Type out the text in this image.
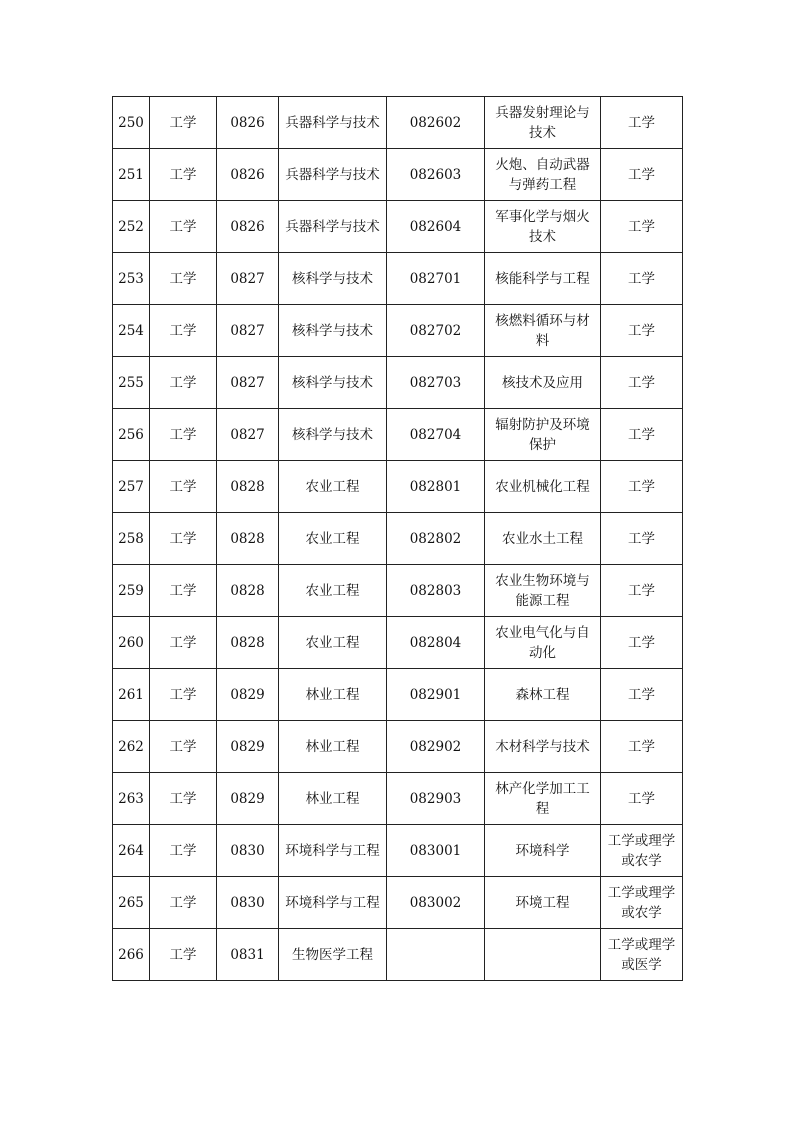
250	工学	0826	兵器科学与技术	082602	兵器发射理论与技术	工学
251	工学	0826	兵器科学与技术	082603	火炮、自动武器与弹药工程	工学
252	工学	0826	兵器科学与技术	082604	军事化学与烟火技术	工学
253	工学	0827	核科学与技术	082701	核能科学与工程	工学
254	工学	0827	核科学与技术	082702	核燃料循环与材料	工学
255	工学	0827	核科学与技术	082703	核技术及应用	工学
256	工学	0827	核科学与技术	082704	辐射防护及环境保护	工学
257	工学	0828	农业工程	082801	农业机械化工程	工学
258	工学	0828	农业工程	082802	农业水土工程	工学
259	工学	0828	农业工程	082803	农业生物环境与能源工程	工学
260	工学	0828	农业工程	082804	农业电气化与自动化	工学
261	工学	0829	林业工程	082901	森林工程	工学
262	工学	0829	林业工程	082902	木材科学与技术	工学
263	工学	0829	林业工程	082903	林产化学加工工程	工学
264	工学	0830	环境科学与工程	083001	环境科学	工学或理学或农学
265	工学	0830	环境科学与工程	083002	环境工程	工学或理学或农学
266	工学	0831	生物医学工程			工学或理学或医学
